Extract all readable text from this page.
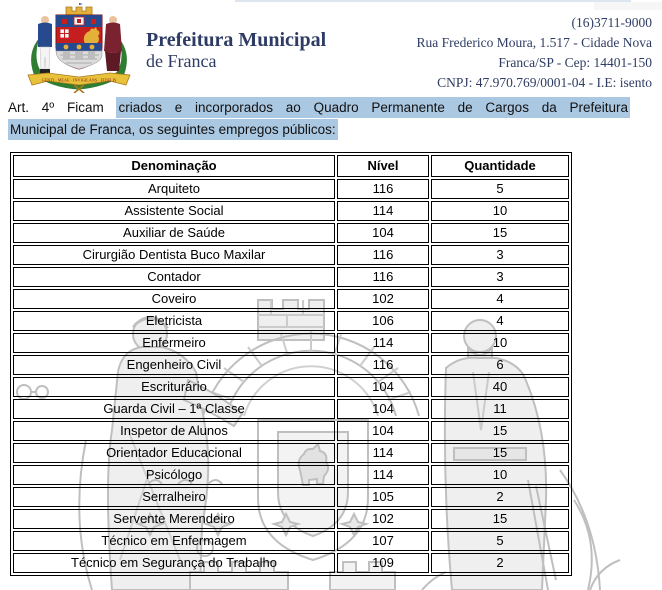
GENTI · MEAE · INVIGILANS · FIDELIS
Prefeitura Municipal
de Franca
(16)3711-9000
Rua Frederico Moura, 1.517 - Cidade Nova
Franca/SP - Cep: 14401-150
CNPJ: 47.970.769/0001-04 - I.E: isento
Art. 4º Ficam criados e incorporados ao Quadro Permanente de Cargos da Prefeitura
Municipal de Franca, os seguintes empregos públicos:
Denominação	Nível	Quantidade
Arquiteto	116	5
Assistente Social	114	10
Auxiliar de Saúde	104	15
Cirurgião Dentista Buco Maxilar	116	3
Contador	116	3
Coveiro	102	4
Eletricista	106	4
Enfermeiro	114	10
Engenheiro Civil	116	6
Escriturário	104	40
Guarda Civil – 1ª Classe	104	11
Inspetor de Alunos	104	15
Orientador Educacional	114	15
Psicólogo	114	10
Serralheiro	105	2
Servente Merendeiro	102	15
Técnico em Enfermagem	107	5
Técnico em Segurança do Trabalho	109	2
